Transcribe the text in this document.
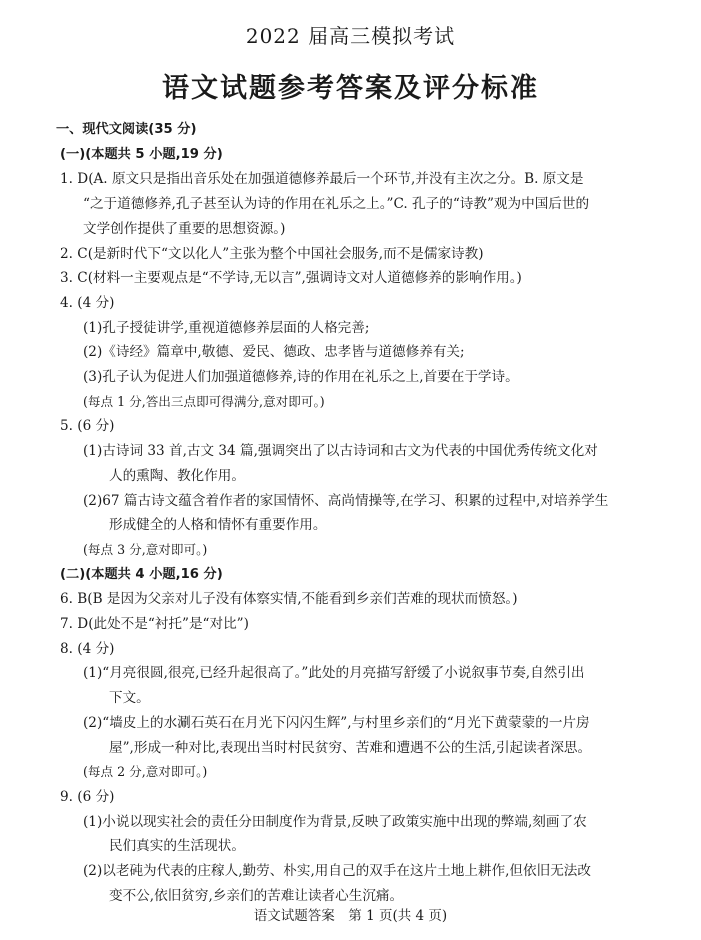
2022 届高三模拟考试
语文试题参考答案及评分标准
一、现代文阅读(35 分)
(一)(本题共 5 小题,19 分)
1. D(A. 原文只是指出音乐处在加强道德修养最后一个环节,并没有主次之分。B. 原文是
“之于道德修养,孔子甚至认为诗的作用在礼乐之上。”C. 孔子的“诗教”观为中国后世的
文学创作提供了重要的思想资源。)
2. C(是新时代下“文以化人”主张为整个中国社会服务,而不是儒家诗教)
3. C(材料一主要观点是“不学诗,无以言”,强调诗文对人道德修养的影响作用。)
4. (4 分)
(1)孔子授徒讲学,重视道德修养层面的人格完善;
(2)《诗经》篇章中,敬德、爱民、德政、忠孝皆与道德修养有关;
(3)孔子认为促进人们加强道德修养,诗的作用在礼乐之上,首要在于学诗。
(每点 1 分,答出三点即可得满分,意对即可。)
5. (6 分)
(1)古诗词 33 首,古文 34 篇,强调突出了以古诗词和古文为代表的中国优秀传统文化对
人的熏陶、教化作用。
(2)67 篇古诗文蕴含着作者的家国情怀、高尚情操等,在学习、积累的过程中,对培养学生
形成健全的人格和情怀有重要作用。
(每点 3 分,意对即可。)
(二)(本题共 4 小题,16 分)
6. B(B 是因为父亲对儿子没有体察实情,不能看到乡亲们苦难的现状而愤怒。)
7. D(此处不是“衬托”是“对比”)
8. (4 分)
(1)“月亮很圆,很亮,已经升起很高了。”此处的月亮描写舒缓了小说叙事节奏,自然引出
下文。
(2)“墙皮上的水涮石英石在月光下闪闪生辉”,与村里乡亲们的“月光下黄蒙蒙的一片房
屋”,形成一种对比,表现出当时村民贫穷、苦难和遭遇不公的生活,引起读者深思。
(每点 2 分,意对即可。)
9. (6 分)
(1)小说以现实社会的责任分田制度作为背景,反映了政策实施中出现的弊端,刻画了农
民们真实的生活现状。
(2)以老砘为代表的庄稼人,勤劳、朴实,用自己的双手在这片土地上耕作,但依旧无法改
变不公,依旧贫穷,乡亲们的苦难让读者心生沉痛。
语文试题答案　第 1 页(共 4 页)
